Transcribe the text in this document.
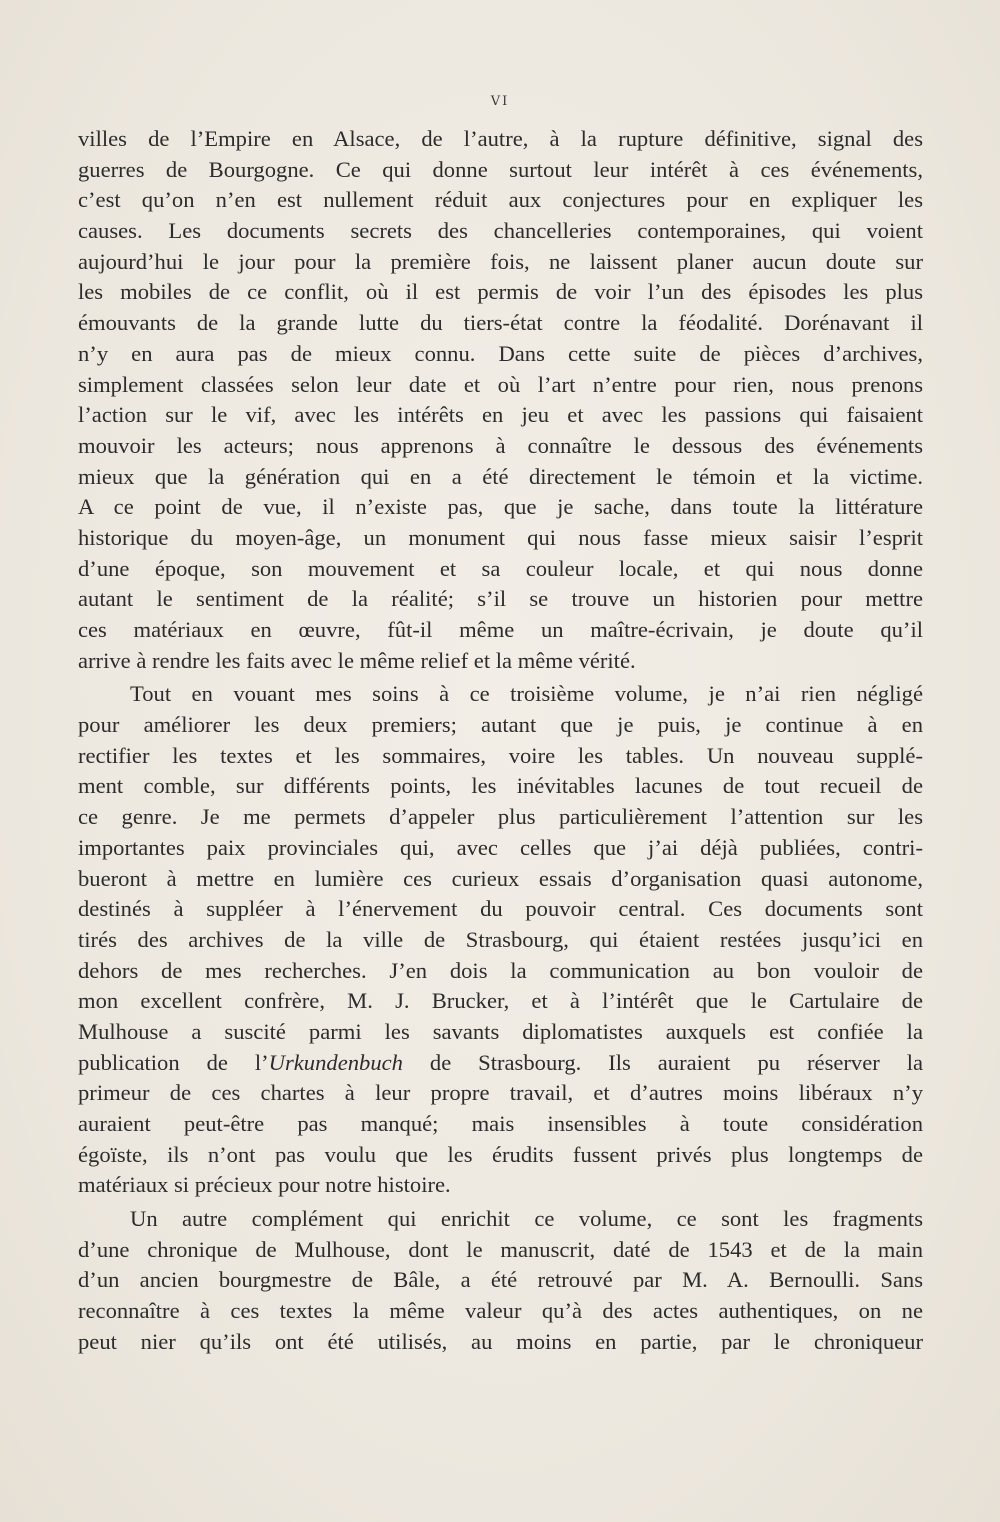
VI
villes de l’Empire en Alsace, de l’autre, à la rupture définitive, signal des
guerres de Bourgogne. Ce qui donne surtout leur intérêt à ces événements,
c’est qu’on n’en est nullement réduit aux conjectures pour en expliquer les
causes. Les documents secrets des chancelleries contemporaines, qui voient
aujourd’hui le jour pour la première fois, ne laissent planer aucun doute sur
les mobiles de ce conflit, où il est permis de voir l’un des épisodes les plus
émouvants de la grande lutte du tiers-état contre la féodalité. Dorénavant il
n’y en aura pas de mieux connu. Dans cette suite de pièces d’archives,
simplement classées selon leur date et où l’art n’entre pour rien, nous prenons
l’action sur le vif, avec les intérêts en jeu et avec les passions qui faisaient
mouvoir les acteurs; nous apprenons à connaître le dessous des événements
mieux que la génération qui en a été directement le témoin et la victime.
A ce point de vue, il n’existe pas, que je sache, dans toute la littérature
historique du moyen-âge, un monument qui nous fasse mieux saisir l’esprit
d’une époque, son mouvement et sa couleur locale, et qui nous donne
autant le sentiment de la réalité; s’il se trouve un historien pour mettre
ces matériaux en œuvre, fût-il même un maître-écrivain, je doute qu’il
arrive à rendre les faits avec le même relief et la même vérité.
Tout en vouant mes soins à ce troisième volume, je n’ai rien négligé
pour améliorer les deux premiers; autant que je puis, je continue à en
rectifier les textes et les sommaires, voire les tables. Un nouveau supplé-
ment comble, sur différents points, les inévitables lacunes de tout recueil de
ce genre. Je me permets d’appeler plus particulièrement l’attention sur les
importantes paix provinciales qui, avec celles que j’ai déjà publiées, contri-
bueront à mettre en lumière ces curieux essais d’organisation quasi autonome,
destinés à suppléer à l’énervement du pouvoir central. Ces documents sont
tirés des archives de la ville de Strasbourg, qui étaient restées jusqu’ici en
dehors de mes recherches. J’en dois la communication au bon vouloir de
mon excellent confrère, M. J. Brucker, et à l’intérêt que le Cartulaire de
Mulhouse a suscité parmi les savants diplomatistes auxquels est confiée la
publication de l’Urkundenbuch de Strasbourg. Ils auraient pu réserver la
primeur de ces chartes à leur propre travail, et d’autres moins libéraux n’y
auraient peut-être pas manqué; mais insensibles à toute considération
égoïste, ils n’ont pas voulu que les érudits fussent privés plus longtemps de
matériaux si précieux pour notre histoire.
Un autre complément qui enrichit ce volume, ce sont les fragments
d’une chronique de Mulhouse, dont le manuscrit, daté de 1543 et de la main
d’un ancien bourgmestre de Bâle, a été retrouvé par M. A. Bernoulli. Sans
reconnaître à ces textes la même valeur qu’à des actes authentiques, on ne
peut nier qu’ils ont été utilisés, au moins en partie, par le chroniqueur
